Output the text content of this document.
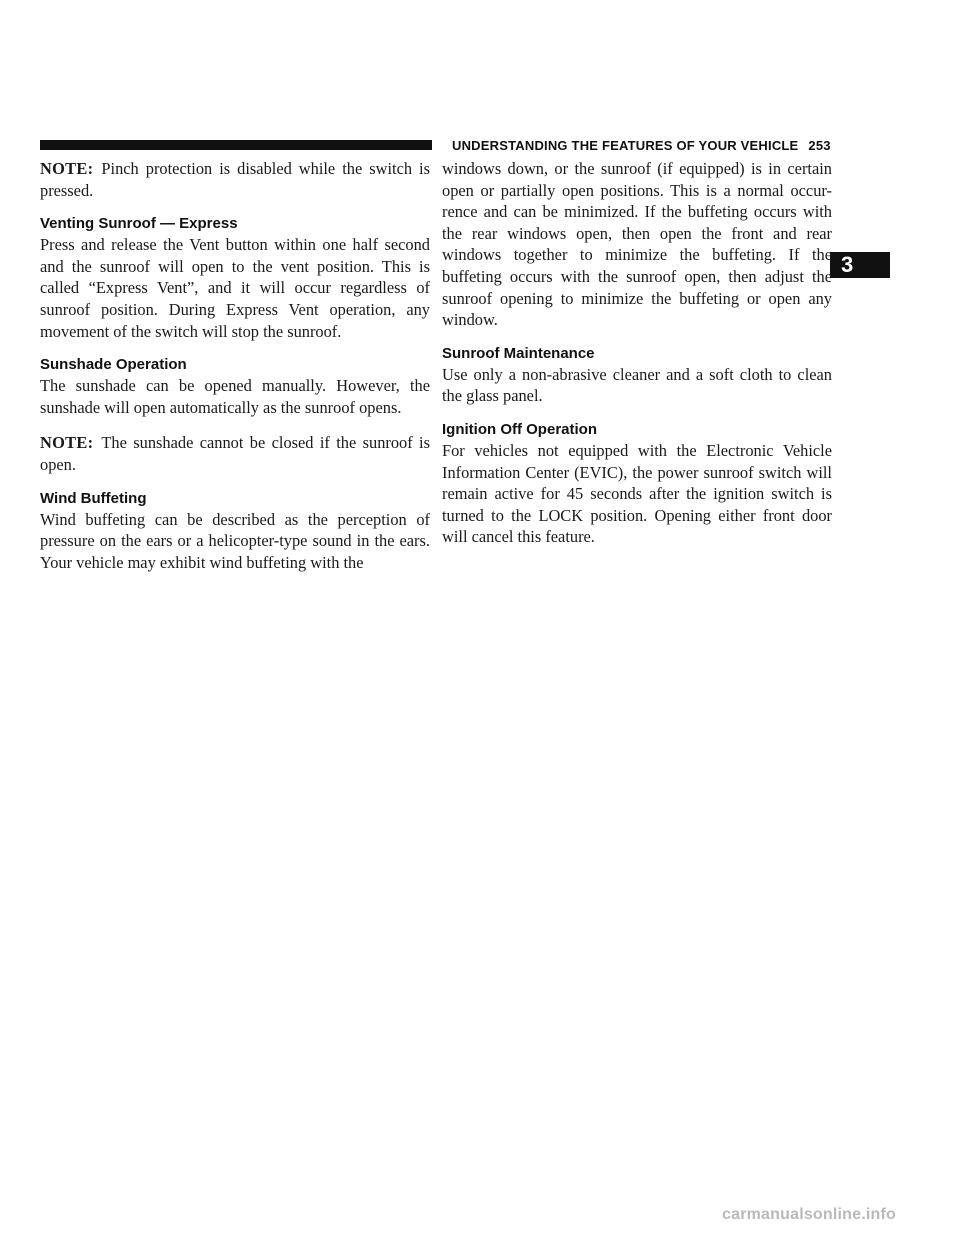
UNDERSTANDING THE FEATURES OF YOUR VEHICLE 253
3

NOTE: Pinch protection is disabled while the switch is pressed.

Venting Sunroof — Express

Press and release the Vent button within one half second and the sunroof will open to the vent position. This is called “Express Vent”, and it will occur regardless of sunroof position. During Express Vent operation, any movement of the switch will stop the sunroof.

Sunshade Operation

The sunshade can be opened manually. However, the sunshade will open automatically as the sunroof opens.

NOTE: The sunshade cannot be closed if the sunroof is open.

Wind Buffeting

Wind buffeting can be described as the perception of pressure on the ears or a helicopter-type sound in the ears. Your vehicle may exhibit wind buffeting with the

windows down, or the sunroof (if equipped) is in certain open or partially open positions. This is a normal occur-rence and can be minimized. If the buffeting occurs with the rear windows open, then open the front and rear windows together to minimize the buffeting. If the buffeting occurs with the sunroof open, then adjust the sunroof opening to minimize the buffeting or open any window.

Sunroof Maintenance

Use only a non-abrasive cleaner and a soft cloth to clean the glass panel.

Ignition Off Operation

For vehicles not equipped with the Electronic Vehicle Information Center (EVIC), the power sunroof switch will remain active for 45 seconds after the ignition switch is turned to the LOCK position. Opening either front door will cancel this feature.

carmanualsonline.info
